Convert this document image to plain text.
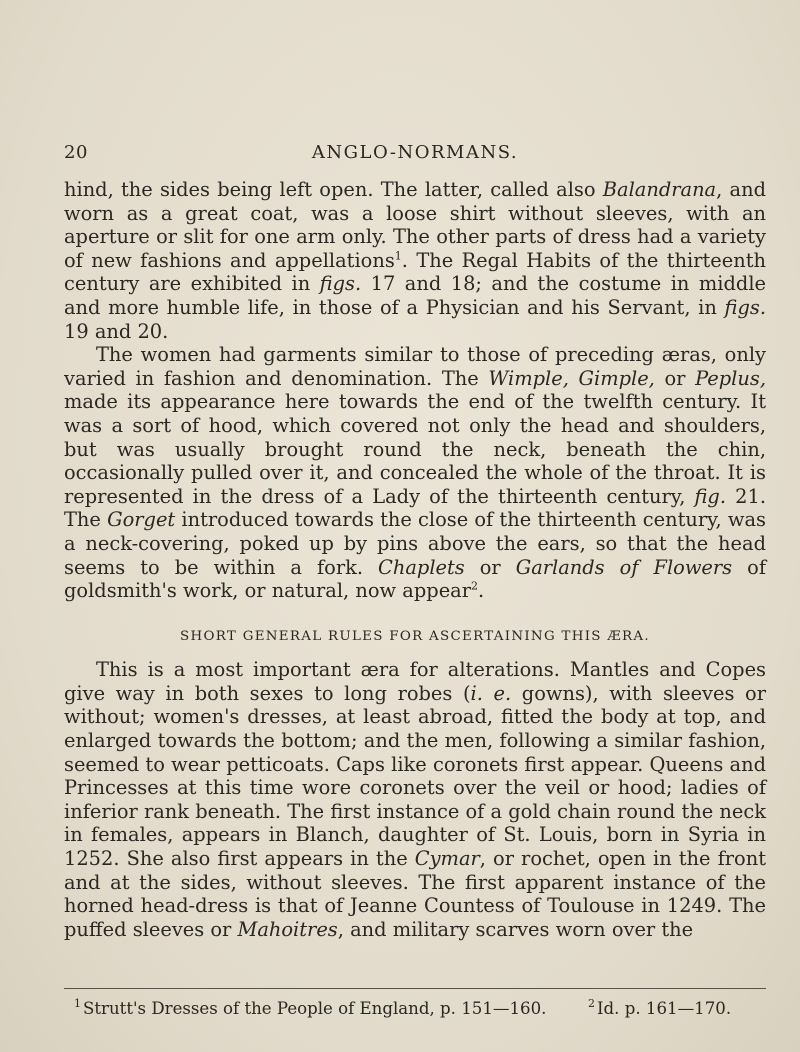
20	ANGLO-NORMANS.

hind, the sides being left open. The latter, called also Balandrana, and worn as a great coat, was a loose shirt without sleeves, with an aperture or slit for one arm only. The other parts of dress had a variety of new fashions and appellations$^1$. The Regal Habits of the thirteenth century are exhibited in figs. 17 and 18; and the costume in middle and more humble life, in those of a Physician and his Servant, in figs. 19 and 20.

The women had garments similar to those of preceding æras, only varied in fashion and denomination. The Wimple, Gimple, or Peplus, made its appearance here towards the end of the twelfth century. It was a sort of hood, which covered not only the head and shoulders, but was usually brought round the neck, beneath the chin, occasionally pulled over it, and concealed the whole of the throat. It is represented in the dress of a Lady of the thirteenth century, fig. 21. The Gorget introduced towards the close of the thirteenth century, was a neck-covering, poked up by pins above the ears, so that the head seems to be within a fork. Chaplets or Garlands of Flowers of goldsmith's work, or natural, now appear$^2$.

SHORT GENERAL RULES FOR ASCERTAINING THIS ÆRA.

This is a most important æra for alterations. Mantles and Copes give way in both sexes to long robes (i. e. gowns), with sleeves or without; women's dresses, at least abroad, fitted the body at top, and enlarged towards the bottom; and the men, following a similar fashion, seemed to wear petticoats. Caps like coronets first appear. Queens and Princesses at this time wore coronets over the veil or hood; ladies of inferior rank beneath. The first instance of a gold chain round the neck in females, appears in Blanch, daughter of St. Louis, born in Syria in 1252. She also first appears in the Cymar, or rochet, open in the front and at the sides, without sleeves. The first apparent instance of the horned head-dress is that of Jeanne Countess of Toulouse in 1249. The puffed sleeves or Mahoitres, and military scarves worn over the

$^1$ Strutt's Dresses of the People of England, p. 151—160.	$^2$ Id. p. 161—170.
